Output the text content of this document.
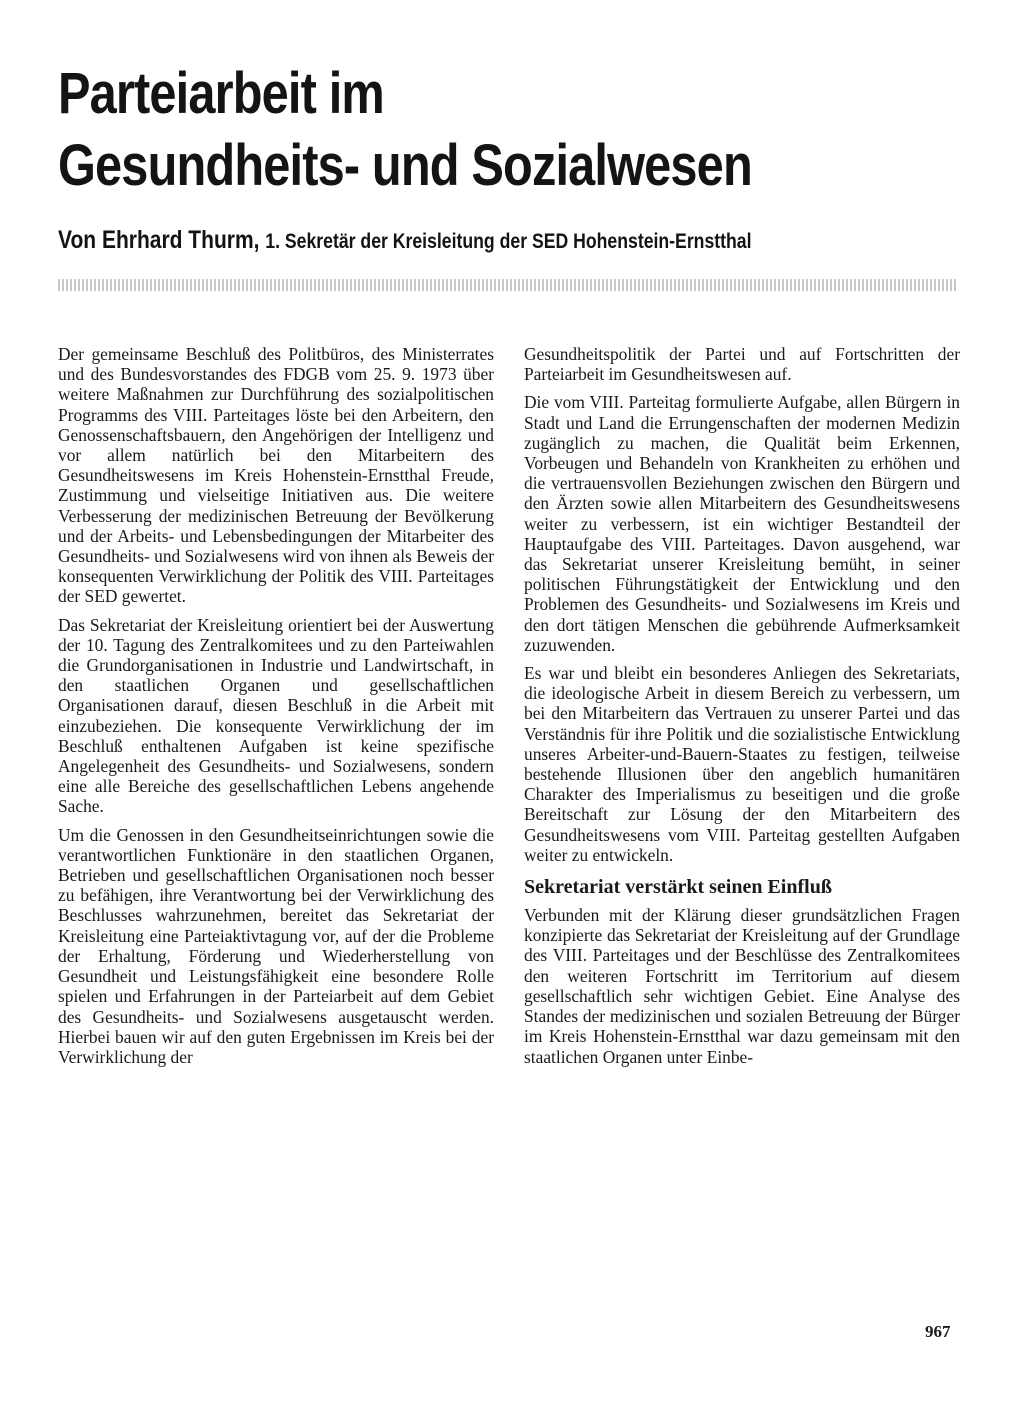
Parteiarbeit im
Gesundheits- und Sozialwesen
Von Ehrhard Thurm, 1. Sekretär der Kreisleitung der SED Hohenstein-Ernstthal

Der gemeinsame Beschluß des Politbüros, des Ministerrates und des Bundesvorstandes des FDGB vom 25. 9. 1973 über weitere Maßnahmen zur Durchführung des sozialpolitischen Programms des VIII. Parteitages löste bei den Arbeitern, den Genossenschaftsbauern, den Angehörigen der Intelligenz und vor allem natürlich bei den Mitarbeitern des Gesundheitswesens im Kreis Hohenstein-Ernstthal Freude, Zustimmung und vielseitige Initiativen aus. Die weitere Verbesserung der medizinischen Betreuung der Bevölkerung und der Arbeits- und Lebensbedingungen der Mitarbeiter des Gesundheits- und Sozialwesens wird von ihnen als Beweis der konsequenten Verwirklichung der Politik des VIII. Parteitages der SED gewertet.

Das Sekretariat der Kreisleitung orientiert bei der Auswertung der 10. Tagung des Zentralkomitees und zu den Parteiwahlen die Grundorganisationen in Industrie und Landwirtschaft, in den staatlichen Organen und gesellschaftlichen Organisationen darauf, diesen Beschluß in die Arbeit mit einzubeziehen. Die konsequente Verwirklichung der im Beschluß enthaltenen Aufgaben ist keine spezifische Angelegenheit des Gesundheits- und Sozialwesens, sondern eine alle Bereiche des gesellschaftlichen Lebens angehende Sache.

Um die Genossen in den Gesundheitseinrichtungen sowie die verantwortlichen Funktionäre in den staatlichen Organen, Betrieben und gesellschaftlichen Organisationen noch besser zu befähigen, ihre Verantwortung bei der Verwirklichung des Beschlusses wahrzunehmen, bereitet das Sekretariat der Kreisleitung eine Parteiaktivtagung vor, auf der die Probleme der Erhaltung, Förderung und Wiederherstellung von Gesundheit und Leistungsfähigkeit eine besondere Rolle spielen und Erfahrungen in der Parteiarbeit auf dem Gebiet des Gesundheits- und Sozialwesens ausgetauscht werden. Hierbei bauen wir auf den guten Ergebnissen im Kreis bei der Verwirklichung der

Gesundheitspolitik der Partei und auf Fortschritten der Parteiarbeit im Gesundheitswesen auf.

Die vom VIII. Parteitag formulierte Aufgabe, allen Bürgern in Stadt und Land die Errungenschaften der modernen Medizin zugänglich zu machen, die Qualität beim Erkennen, Vorbeugen und Behandeln von Krankheiten zu erhöhen und die vertrauensvollen Beziehungen zwischen den Bürgern und den Ärzten sowie allen Mitarbeitern des Gesundheitswesens weiter zu verbessern, ist ein wichtiger Bestandteil der Hauptaufgabe des VIII. Parteitages. Davon ausgehend, war das Sekretariat unserer Kreisleitung bemüht, in seiner politischen Führungstätigkeit der Entwicklung und den Problemen des Gesundheits- und Sozialwesens im Kreis und den dort tätigen Menschen die gebührende Aufmerksamkeit zuzuwenden.

Es war und bleibt ein besonderes Anliegen des Sekretariats, die ideologische Arbeit in diesem Bereich zu verbessern, um bei den Mitarbeitern das Vertrauen zu unserer Partei und das Verständnis für ihre Politik und die sozialistische Entwicklung unseres Arbeiter-und-Bauern-Staates zu festigen, teilweise bestehende Illusionen über den angeblich humanitären Charakter des Imperialismus zu beseitigen und die große Bereitschaft zur Lösung der den Mitarbeitern des Gesundheitswesens vom VIII. Parteitag gestellten Aufgaben weiter zu entwickeln.

Sekretariat verstärkt seinen Einfluß

Verbunden mit der Klärung dieser grundsätzlichen Fragen konzipierte das Sekretariat der Kreisleitung auf der Grundlage des VIII. Parteitages und der Beschlüsse des Zentralkomitees den weiteren Fortschritt im Territorium auf diesem gesellschaftlich sehr wichtigen Gebiet. Eine Analyse des Standes der medizinischen und sozialen Betreuung der Bürger im Kreis Hohenstein-Ernstthal war dazu gemeinsam mit den staatlichen Organen unter Einbe-

967
